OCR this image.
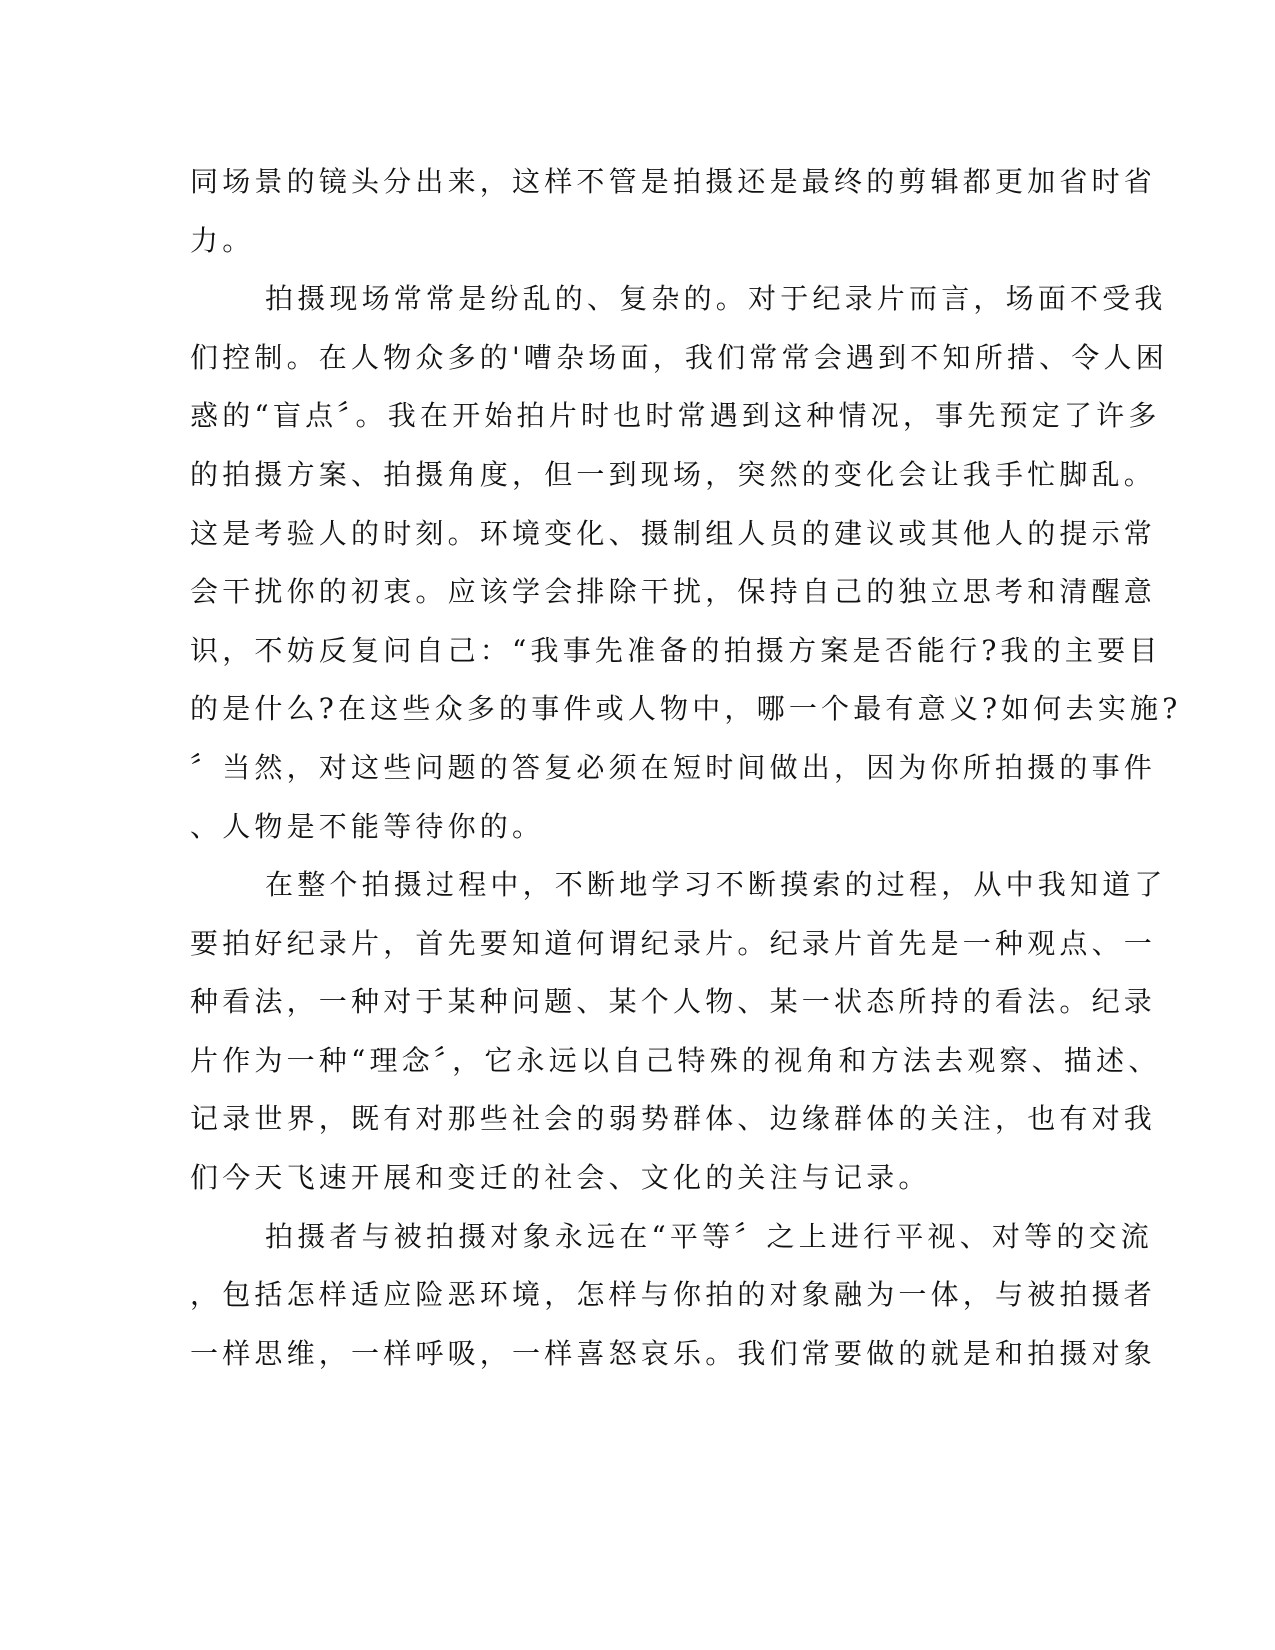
同场景的镜头分出来，这样不管是拍摄还是最终的剪辑都更加省时省
力。
拍摄现场常常是纷乱的、复杂的。对于纪录片而言，场面不受我
们控制。在人物众多的'嘈杂场面，我们常常会遇到不知所措、令人困
惑的“盲点〞。我在开始拍片时也时常遇到这种情况，事先预定了许多
的拍摄方案、拍摄角度，但一到现场，突然的变化会让我手忙脚乱。
这是考验人的时刻。环境变化、摄制组人员的建议或其他人的提示常
会干扰你的初衷。应该学会排除干扰，保持自己的独立思考和清醒意
识，不妨反复问自己：“我事先准备的拍摄方案是否能行?我的主要目
的是什么?在这些众多的事件或人物中，哪一个最有意义?如何去实施?
〞当然，对这些问题的答复必须在短时间做出，因为你所拍摄的事件
、人物是不能等待你的。
在整个拍摄过程中，不断地学习不断摸索的过程，从中我知道了
要拍好纪录片，首先要知道何谓纪录片。纪录片首先是一种观点、一
种看法，一种对于某种问题、某个人物、某一状态所持的看法。纪录
片作为一种“理念〞，它永远以自己特殊的视角和方法去观察、描述、
记录世界，既有对那些社会的弱势群体、边缘群体的关注，也有对我
们今天飞速开展和变迁的社会、文化的关注与记录。
拍摄者与被拍摄对象永远在“平等〞之上进行平视、对等的交流
，包括怎样适应险恶环境，怎样与你拍的对象融为一体，与被拍摄者
一样思维，一样呼吸，一样喜怒哀乐。我们常要做的就是和拍摄对象
